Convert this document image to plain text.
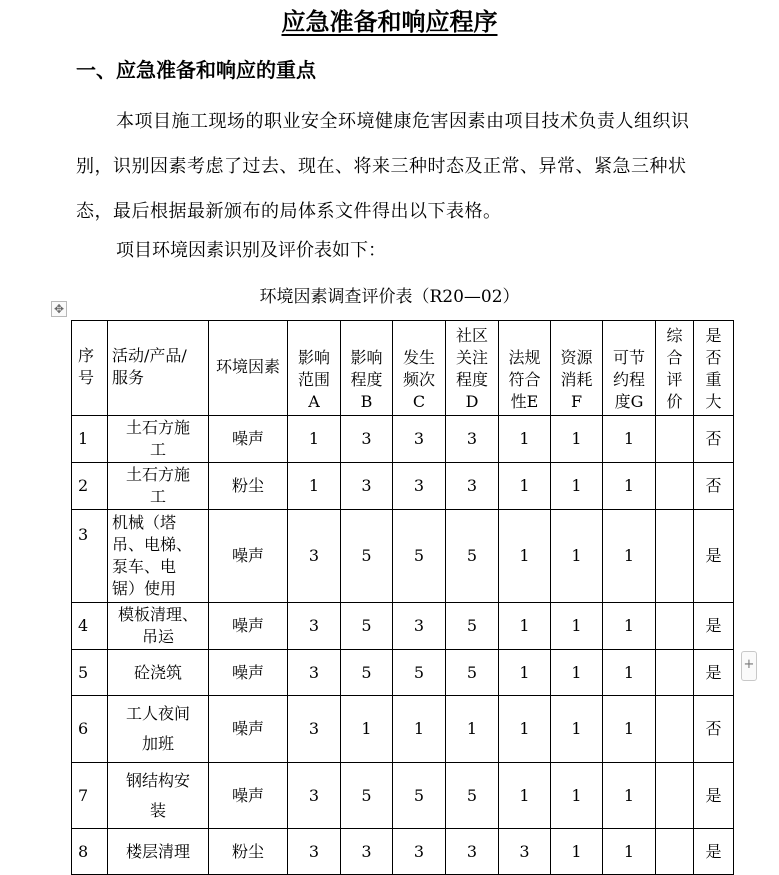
应急准备和响应程序
一、应急准备和响应的重点
本项目施工现场的职业安全环境健康危害因素由项目技术负责人组织识别，识别因素考虑了过去、现在、将来三种时态及正常、异常、紧急三种状态，最后根据最新颁布的局体系文件得出以下表格。
项目环境因素识别及评价表如下：
环境因素调查评价表（R20—02）
✥
+
序号	活动/产品/服务	环境因素	影响范围A	影响程度B	发生频次C	社区关注程度D	法规符合性E	资源消耗F	可节约程度G	综合评价	是否重大

1	土石方施工	噪声	1	3	3	3	1	1	1		否
2	土石方施工	粉尘	1	3	3	3	1	1	1		否
3	机械（塔吊、电梯、泵车、电锯）使用	噪声	3	5	5	5	1	1	1		是
4	模板清理、吊运	噪声	3	5	3	5	1	1	1		是
5	砼浇筑	噪声	3	5	5	5	1	1	1		是
6	工人夜间加班	噪声	3	1	1	1	1	1	1		否
7	钢结构安装	噪声	3	5	5	5	1	1	1		是
8	楼层清理	粉尘	3	3	3	3	3	1	1		是
